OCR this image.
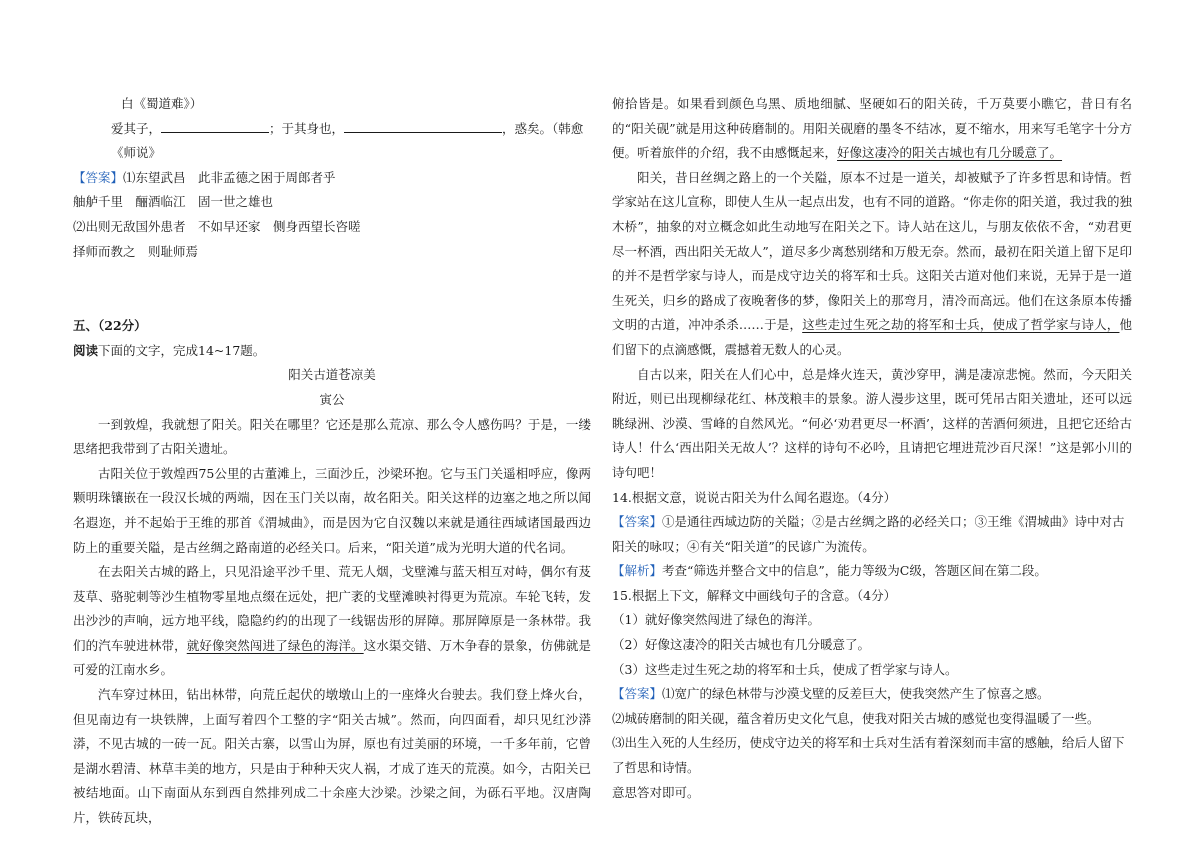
白《蜀道难》）

爱其子，	；于其身也，	，惑矣。（韩愈《师说》

【答案】⑴东望武昌　此非孟德之困于周郎者乎

舳舻千里　酾酒临江　固一世之雄也

⑵出则无敌国外患者　不如早还家　侧身西望长咨嗟

择师而教之　则耻师焉

五、（22分）

阅读下面的文字，完成14~17题。

阳关古道苍凉美

寅公

一到敦煌，我就想了阳关。阳关在哪里？它还是那么荒凉、那么令人感伤吗？于是，一缕思绪把我带到了古阳关遗址。

古阳关位于敦煌西75公里的古董滩上，三面沙丘，沙梁环抱。它与玉门关遥相呼应，像两颗明珠镶嵌在一段汉长城的两端，因在玉门关以南，故名阳关。阳关这样的边塞之地之所以闻名遐迩，并不起始于王维的那首《渭城曲》，而是因为它自汉魏以来就是通往西域诸国最西边防上的重要关隘，是古丝绸之路南道的必经关口。后来，“阳关道”成为光明大道的代名词。

在去阳关古城的路上，只见沿途平沙千里、荒无人烟，戈壁滩与蓝天相互对峙，偶尔有芨芨草、骆驼刺等沙生植物零星地点缀在远处，把广袤的戈壁滩映衬得更为荒凉。车轮飞转，发出沙沙的声响，远方地平线，隐隐约约的出现了一线锯齿形的屏障。那屏障原是一条林带。我们的汽车驶进林带，就好像突然闯进了绿色的海洋。这水渠交错、万木争春的景象，仿佛就是可爱的江南水乡。

汽车穿过林田，钻出林带，向荒丘起伏的墩墩山上的一座烽火台驶去。我们登上烽火台，但见南边有一块铁牌，上面写着四个工整的字“阳关古城”。然而，向四面看，却只见红沙漭漭，不见古城的一砖一瓦。阳关古寨，以雪山为屏，原也有过美丽的环境，一千多年前，它曾是湖水碧清、林草丰美的地方，只是由于种种天灾人祸，才成了连天的荒漠。如今，古阳关已被结地面。山下南面从东到西自然排列成二十余座大沙梁。沙梁之间，为砾石平地。汉唐陶片，铁砖瓦块，

俯拾皆是。如果看到颜色乌黑、质地细腻、坚硬如石的阳关砖，千万莫要小瞧它，昔日有名的“阳关砚”就是用这种砖磨制的。用阳关砚磨的墨冬不结冰，夏不缩水，用来写毛笔字十分方便。听着旅伴的介绍，我不由感慨起来，好像这凄冷的阳关古城也有几分暖意了。

阳关，昔日丝绸之路上的一个关隘，原本不过是一道关，却被赋予了许多哲思和诗情。哲学家站在这儿宣称，即使人生从一起点出发，也有不同的道路。“你走你的阳关道，我过我的独木桥”，抽象的对立概念如此生动地写在阳关之下。诗人站在这儿，与朋友依依不舍，“劝君更尽一杯酒，西出阳关无故人”，道尽多少离愁别绪和万般无奈。然而，最初在阳关道上留下足印的并不是哲学家与诗人，而是戍守边关的将军和士兵。这阳关古道对他们来说，无异于是一道生死关，归乡的路成了夜晚奢侈的梦，像阳关上的那弯月，清冷而高远。他们在这条原本传播文明的古道，冲冲杀杀……于是，这些走过生死之劫的将军和士兵，使成了哲学家与诗人，他们留下的点滴感慨，震撼着无数人的心灵。

自古以来，阳关在人们心中，总是烽火连天，黄沙穿甲，满是凄凉悲惋。然而，今天阳关附近，则已出现柳绿花红、林茂粮丰的景象。游人漫步这里，既可凭吊古阳关遗址，还可以远眺绿洲、沙漠、雪峰的自然风光。“何必‘劝君更尽一杯酒’，这样的苦酒何须进，且把它还给古诗人！什么‘西出阳关无故人’？这样的诗句不必吟，且请把它埋进荒沙百尺深！”这是郭小川的诗句吧！

14.根据文意，说说古阳关为什么闻名遐迩。（4分）

【答案】①是通往西域边防的关隘；②是古丝绸之路的必经关口；③王维《渭城曲》诗中对古阳关的咏叹；④有关“阳关道”的民谚广为流传。

【解析】考查“筛选并整合文中的信息”，能力等级为C级，答题区间在第二段。

15.根据上下文，解释文中画线句子的含意。（4分）

（1）就好像突然闯进了绿色的海洋。

（2）好像这凄冷的阳关古城也有几分暖意了。

（3）这些走过生死之劫的将军和士兵，使成了哲学家与诗人。

【答案】⑴宽广的绿色林带与沙漠戈壁的反差巨大，使我突然产生了惊喜之感。

⑵城砖磨制的阳关砚，蕴含着历史文化气息，使我对阳关古城的感觉也变得温暖了一些。

⑶出生入死的人生经历，使戍守边关的将军和士兵对生活有着深刻而丰富的感触，给后人留下了哲思和诗情。

意思答对即可。
